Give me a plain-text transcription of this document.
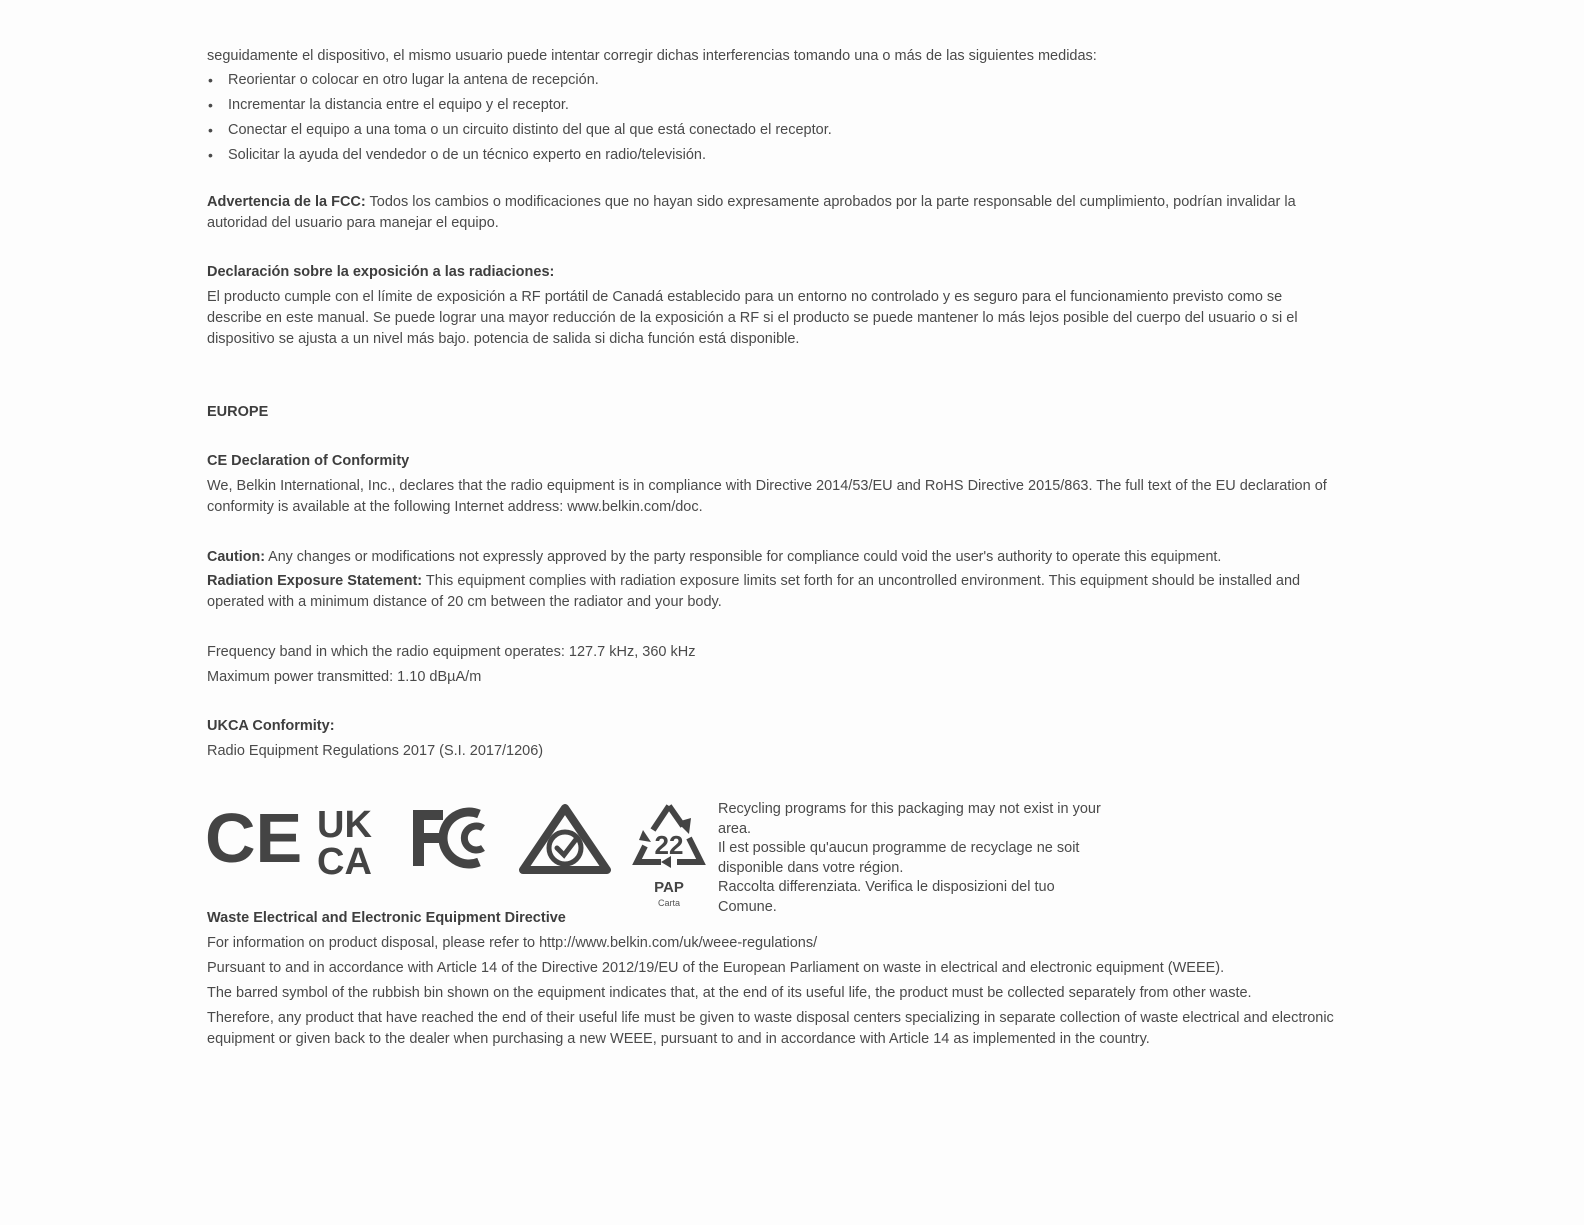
seguidamente el dispositivo, el mismo usuario puede intentar corregir dichas interferencias tomando una o más de las siguientes medidas:

• Reorientar o colocar en otro lugar la antena de recepción.
• Incrementar la distancia entre el equipo y el receptor.
• Conectar el equipo a una toma o un circuito distinto del que al que está conectado el receptor.
• Solicitar la ayuda del vendedor o de un técnico experto en radio/televisión.

Advertencia de la FCC: Todos los cambios o modificaciones que no hayan sido expresamente aprobados por la parte responsable del cumplimiento, podrían invalidar la autoridad del usuario para manejar el equipo.

Declaración sobre la exposición a las radiaciones:

El producto cumple con el límite de exposición a RF portátil de Canadá establecido para un entorno no controlado y es seguro para el funcionamiento previsto como se describe en este manual. Se puede lograr una mayor reducción de la exposición a RF si el producto se puede mantener lo más lejos posible del cuerpo del usuario o si el dispositivo se ajusta a un nivel más bajo. potencia de salida si dicha función está disponible.

EUROPE

CE Declaration of Conformity

We, Belkin International, Inc., declares that the radio equipment is in compliance with Directive 2014/53/EU and RoHS Directive 2015/863. The full text of the EU declaration of conformity is available at the following Internet address: www.belkin.com/doc.

Caution: Any changes or modifications not expressly approved by the party responsible for compliance could void the user's authority to operate this equipment.

Radiation Exposure Statement: This equipment complies with radiation exposure limits set forth for an uncontrolled environment. This equipment should be installed and operated with a minimum distance of 20 cm between the radiator and your body.

Frequency band in which the radio equipment operates: 127.7 kHz, 360 kHz

Maximum power transmitted: 1.10 dBµA/m

UKCA Conformity:

Radio Equipment Regulations 2017 (S.I. 2017/1206)

CE UK
CA	22
PAP
Carta

Recycling programs for this packaging may not exist in your area.

Il est possible qu'aucun programme de recyclage ne soit disponible dans votre région.

Raccolta differenziata. Verifica le disposizioni del tuo Comune.

Waste Electrical and Electronic Equipment Directive

For information on product disposal, please refer to http://www.belkin.com/uk/weee-regulations/

Pursuant to and in accordance with Article 14 of the Directive 2012/19/EU of the European Parliament on waste in electrical and electronic equipment (WEEE).

The barred symbol of the rubbish bin shown on the equipment indicates that, at the end of its useful life, the product must be collected separately from other waste.

Therefore, any product that have reached the end of their useful life must be given to waste disposal centers specializing in separate collection of waste electrical and electronic equipment or given back to the dealer when purchasing a new WEEE, pursuant to and in accordance with Article 14 as implemented in the country.
